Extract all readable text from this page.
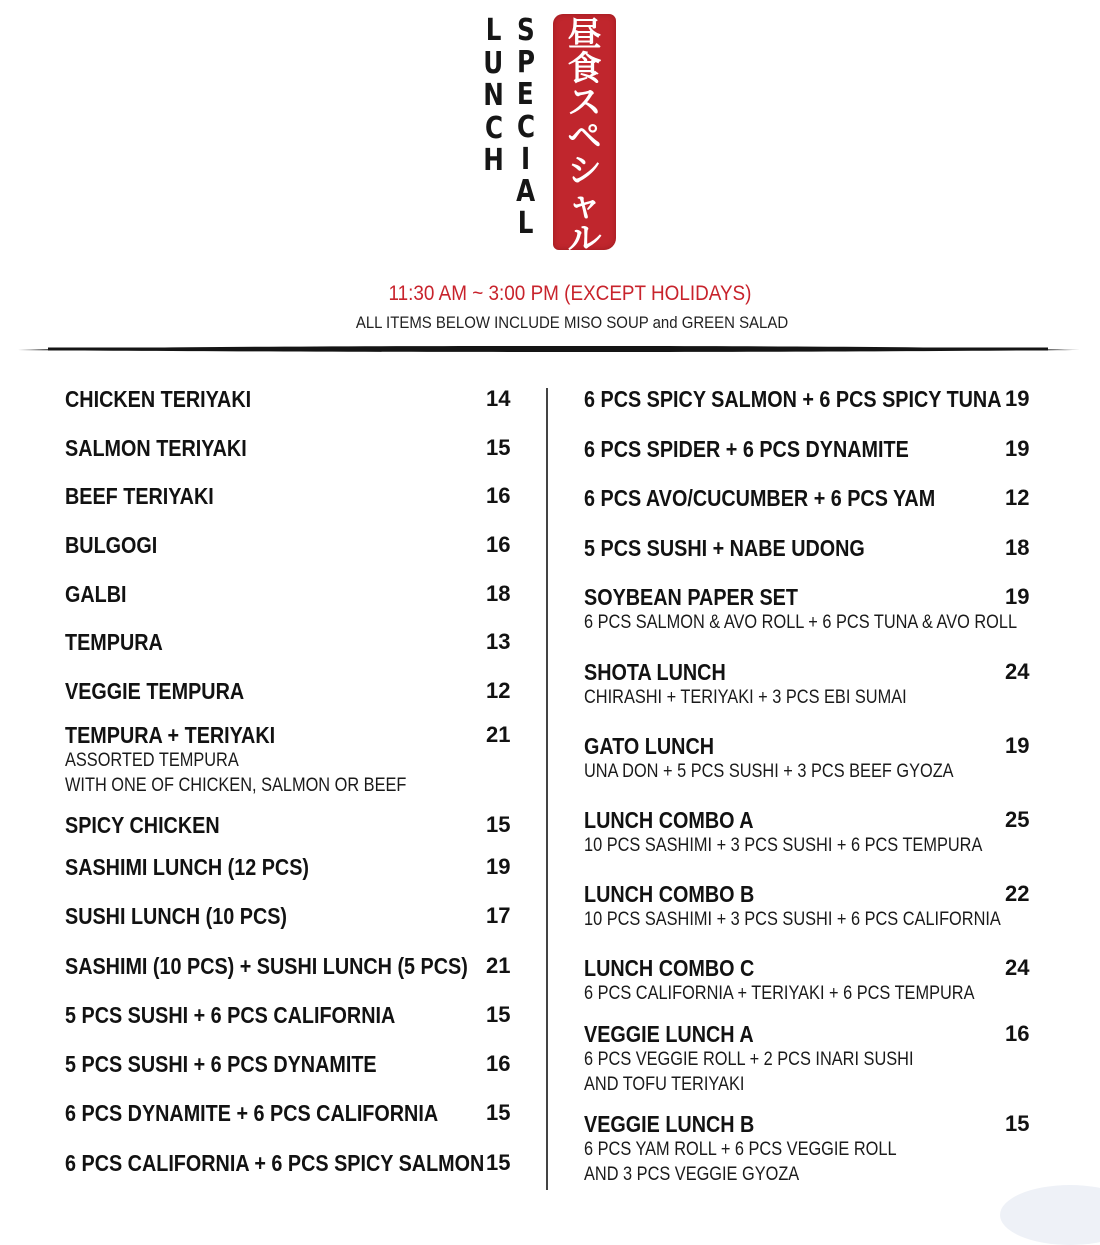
L
U
N
C
H
S
P
E
C
I
A
L
昼
食
ス
ペ
シ
ャ
ル
11:30 AM ~ 3:00 PM (EXCEPT HOLIDAYS)
ALL ITEMS BELOW INCLUDE MISO SOUP and GREEN SALAD
CHICKEN TERIYAKI	14
SALMON TERIYAKI	15
BEEF TERIYAKI	16
BULGOGI	16
GALBI	18
TEMPURA	13
VEGGIE TEMPURA	12
TEMPURA + TERIYAKI	21
ASSORTED TEMPURA
WITH ONE OF CHICKEN, SALMON OR BEEF
SPICY CHICKEN	15
SASHIMI LUNCH (12 PCS)	19
SUSHI LUNCH (10 PCS)	17
SASHIMI (10 PCS) + SUSHI LUNCH (5 PCS) 21
5 PCS SUSHI + 6 PCS CALIFORNIA	15
5 PCS SUSHI + 6 PCS DYNAMITE	16
6 PCS DYNAMITE + 6 PCS CALIFORNIA 15
6 PCS CALIFORNIA + 6 PCS SPICY SALMON 15
6 PCS SPICY SALMON + 6 PCS SPICY TUNA 19
6 PCS SPIDER + 6 PCS DYNAMITE	19
6 PCS AVO/CUCUMBER + 6 PCS YAM	12
5 PCS SUSHI + NABE UDONG	18
SOYBEAN PAPER SET	19
6 PCS SALMON & AVO ROLL + 6 PCS TUNA & AVO ROLL
SHOTA LUNCH	24
CHIRASHI + TERIYAKI + 3 PCS EBI SUMAI
GATO LUNCH	19
UNA DON + 5 PCS SUSHI + 3 PCS BEEF GYOZA
LUNCH COMBO A	25
10 PCS SASHIMI + 3 PCS SUSHI + 6 PCS TEMPURA
LUNCH COMBO B	22
10 PCS SASHIMI + 3 PCS SUSHI + 6 PCS CALIFORNIA
LUNCH COMBO C	24
6 PCS CALIFORNIA + TERIYAKI + 6 PCS TEMPURA
VEGGIE LUNCH A	16
6 PCS VEGGIE ROLL + 2 PCS INARI SUSHI
AND TOFU TERIYAKI
VEGGIE LUNCH B	15
6 PCS YAM ROLL + 6 PCS VEGGIE ROLL
AND 3 PCS VEGGIE GYOZA
